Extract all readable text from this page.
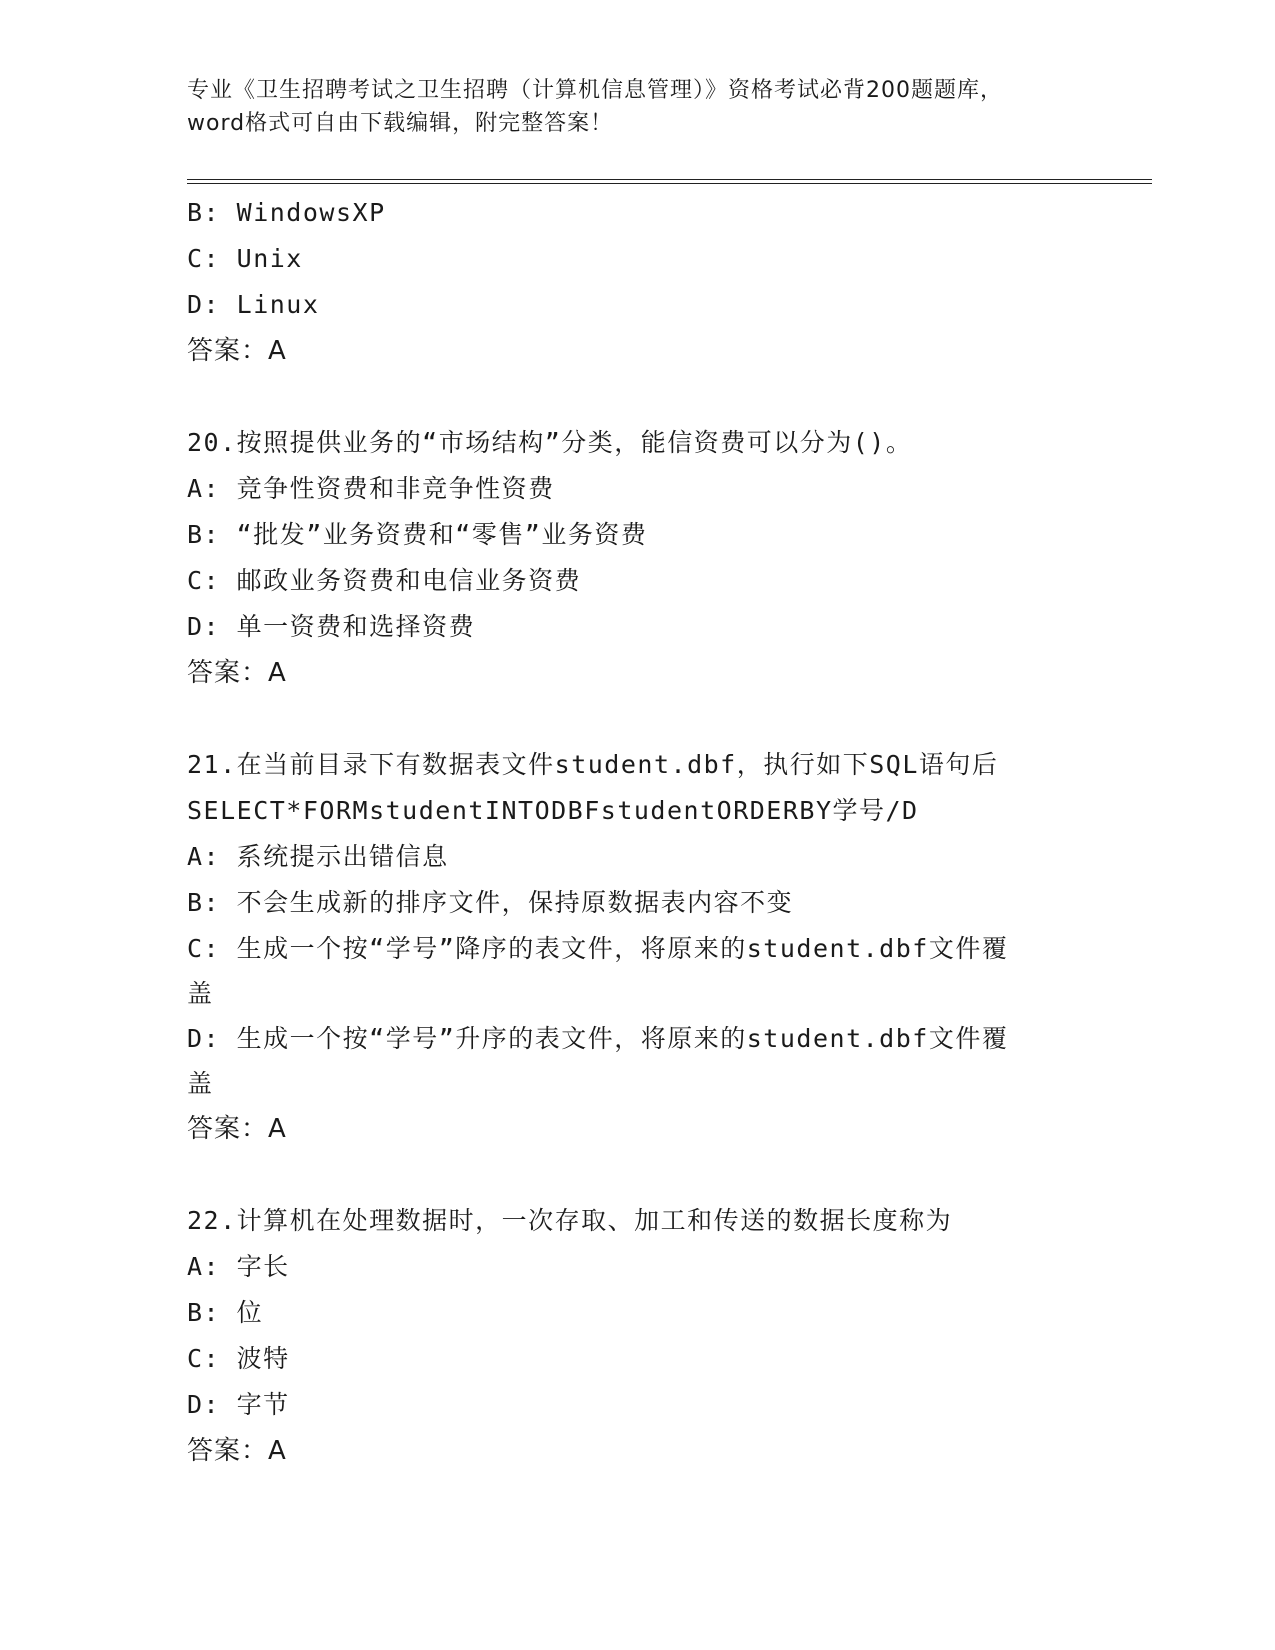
专业《卫生招聘考试之卫生招聘（计算机信息管理）》资格考试必背200题题库，
word格式可自由下载编辑，附完整答案！
B: WindowsXP
C: Unix
D: Linux
答案：A
20.按照提供业务的“市场结构”分类，能信资费可以分为()。
A: 竞争性资费和非竞争性资费
B: “批发”业务资费和“零售”业务资费
C: 邮政业务资费和电信业务资费
D: 单一资费和选择资费
答案：A
21.在当前目录下有数据表文件student.dbf，执行如下SQL语句后
SELECT*FORMstudentINTODBFstudentORDERBY学号/D
A: 系统提示出错信息
B: 不会生成新的排序文件，保持原数据表内容不变
C: 生成一个按“学号”降序的表文件，将原来的student.dbf文件覆
盖
D: 生成一个按“学号”升序的表文件，将原来的student.dbf文件覆
盖
答案：A
22.计算机在处理数据时，一次存取、加工和传送的数据长度称为
A: 字长
B: 位
C: 波特
D: 字节
答案：A
